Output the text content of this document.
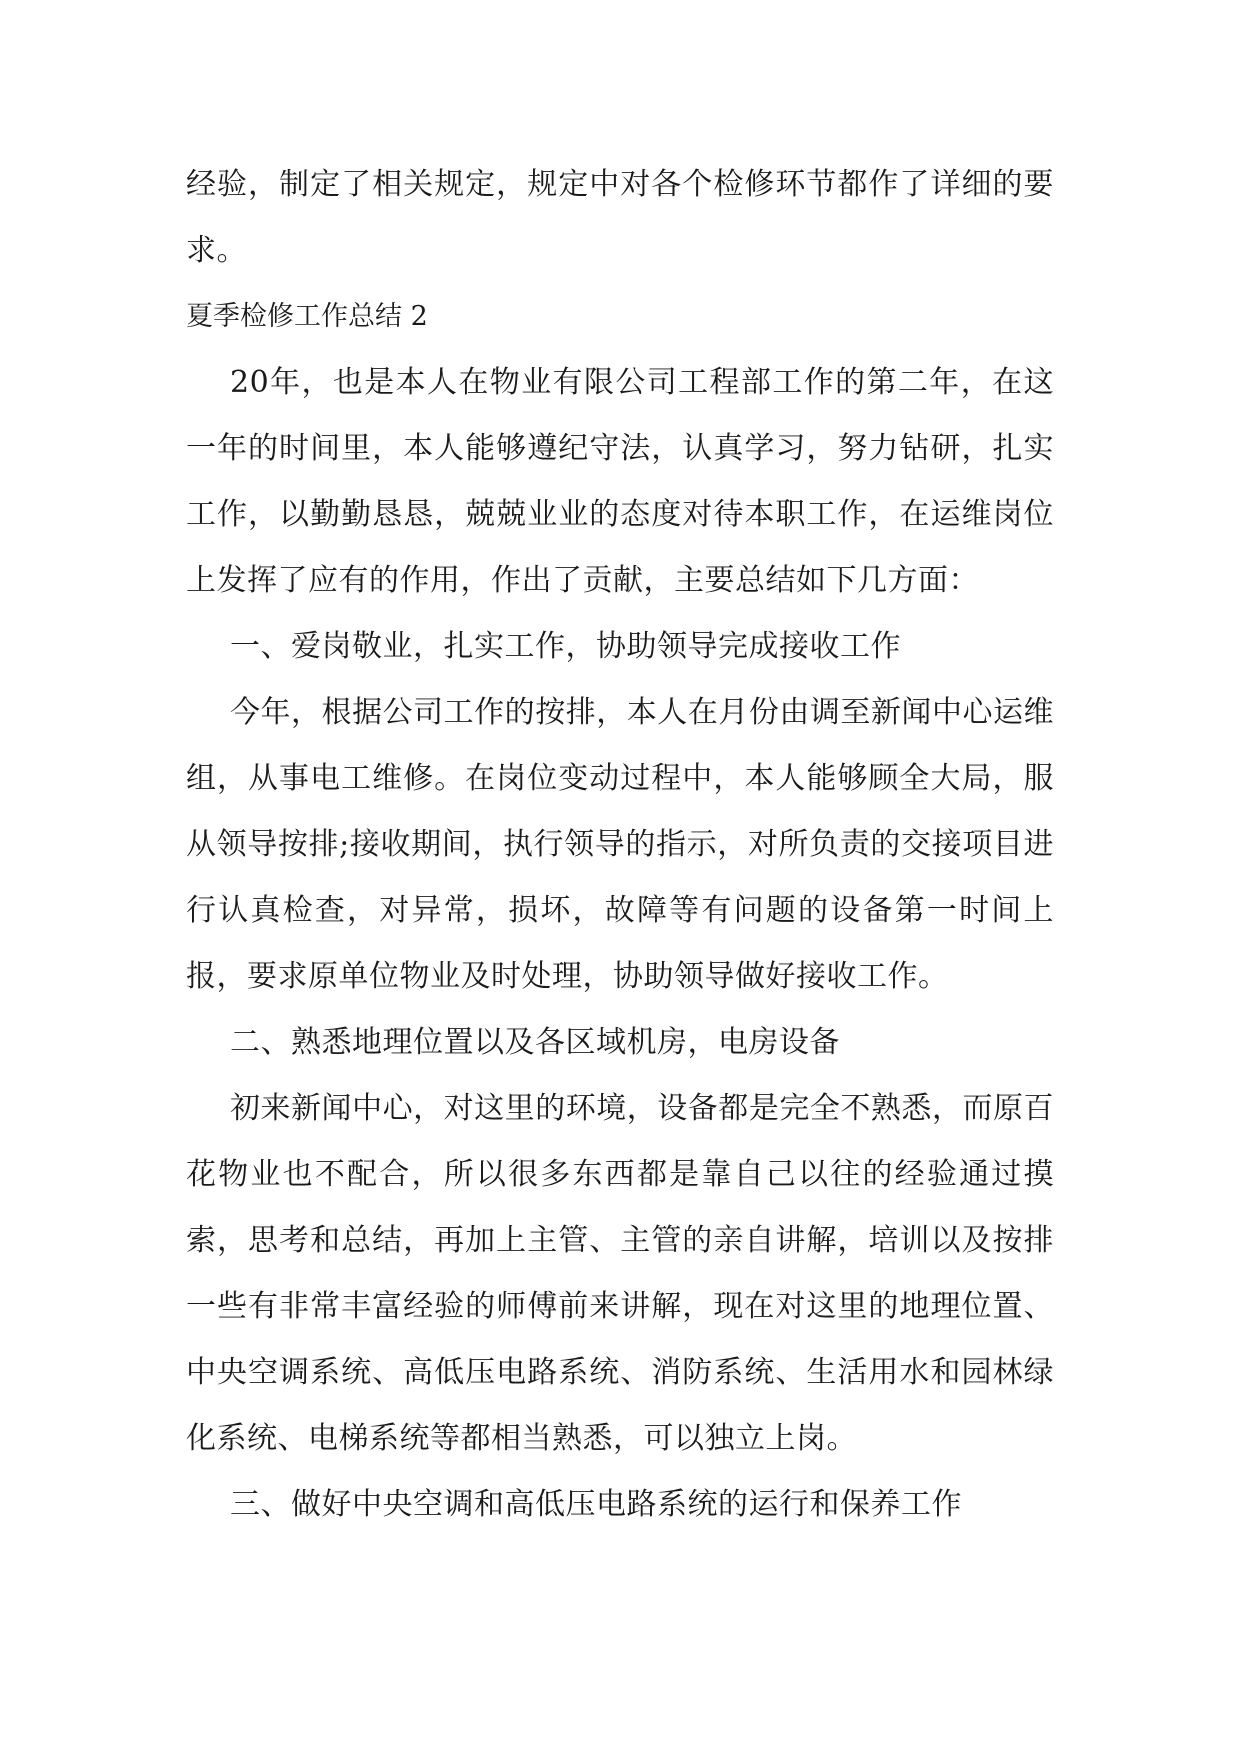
经验，制定了相关规定，规定中对各个检修环节都作了详细的要求。

夏季检修工作总结 2

20年，也是本人在物业有限公司工程部工作的第二年，在这一年的时间里，本人能够遵纪守法，认真学习，努力钻研，扎实工作，以勤勤恳恳，兢兢业业的态度对待本职工作，在运维岗位上发挥了应有的作用，作出了贡献，主要总结如下几方面：

一、爱岗敬业，扎实工作，协助领导完成接收工作

今年，根据公司工作的按排，本人在月份由调至新闻中心运维组，从事电工维修。在岗位变动过程中，本人能够顾全大局，服从领导按排;接收期间，执行领导的指示，对所负责的交接项目进行认真检查，对异常，损坏，故障等有问题的设备第一时间上报，要求原单位物业及时处理，协助领导做好接收工作。

二、熟悉地理位置以及各区域机房，电房设备

初来新闻中心，对这里的环境，设备都是完全不熟悉，而原百花物业也不配合，所以很多东西都是靠自己以往的经验通过摸索，思考和总结，再加上主管、主管的亲自讲解，培训以及按排一些有非常丰富经验的师傅前来讲解，现在对这里的地理位置、中央空调系统、高低压电路系统、消防系统、生活用水和园林绿化系统、电梯系统等都相当熟悉，可以独立上岗。

三、做好中央空调和高低压电路系统的运行和保养工作
